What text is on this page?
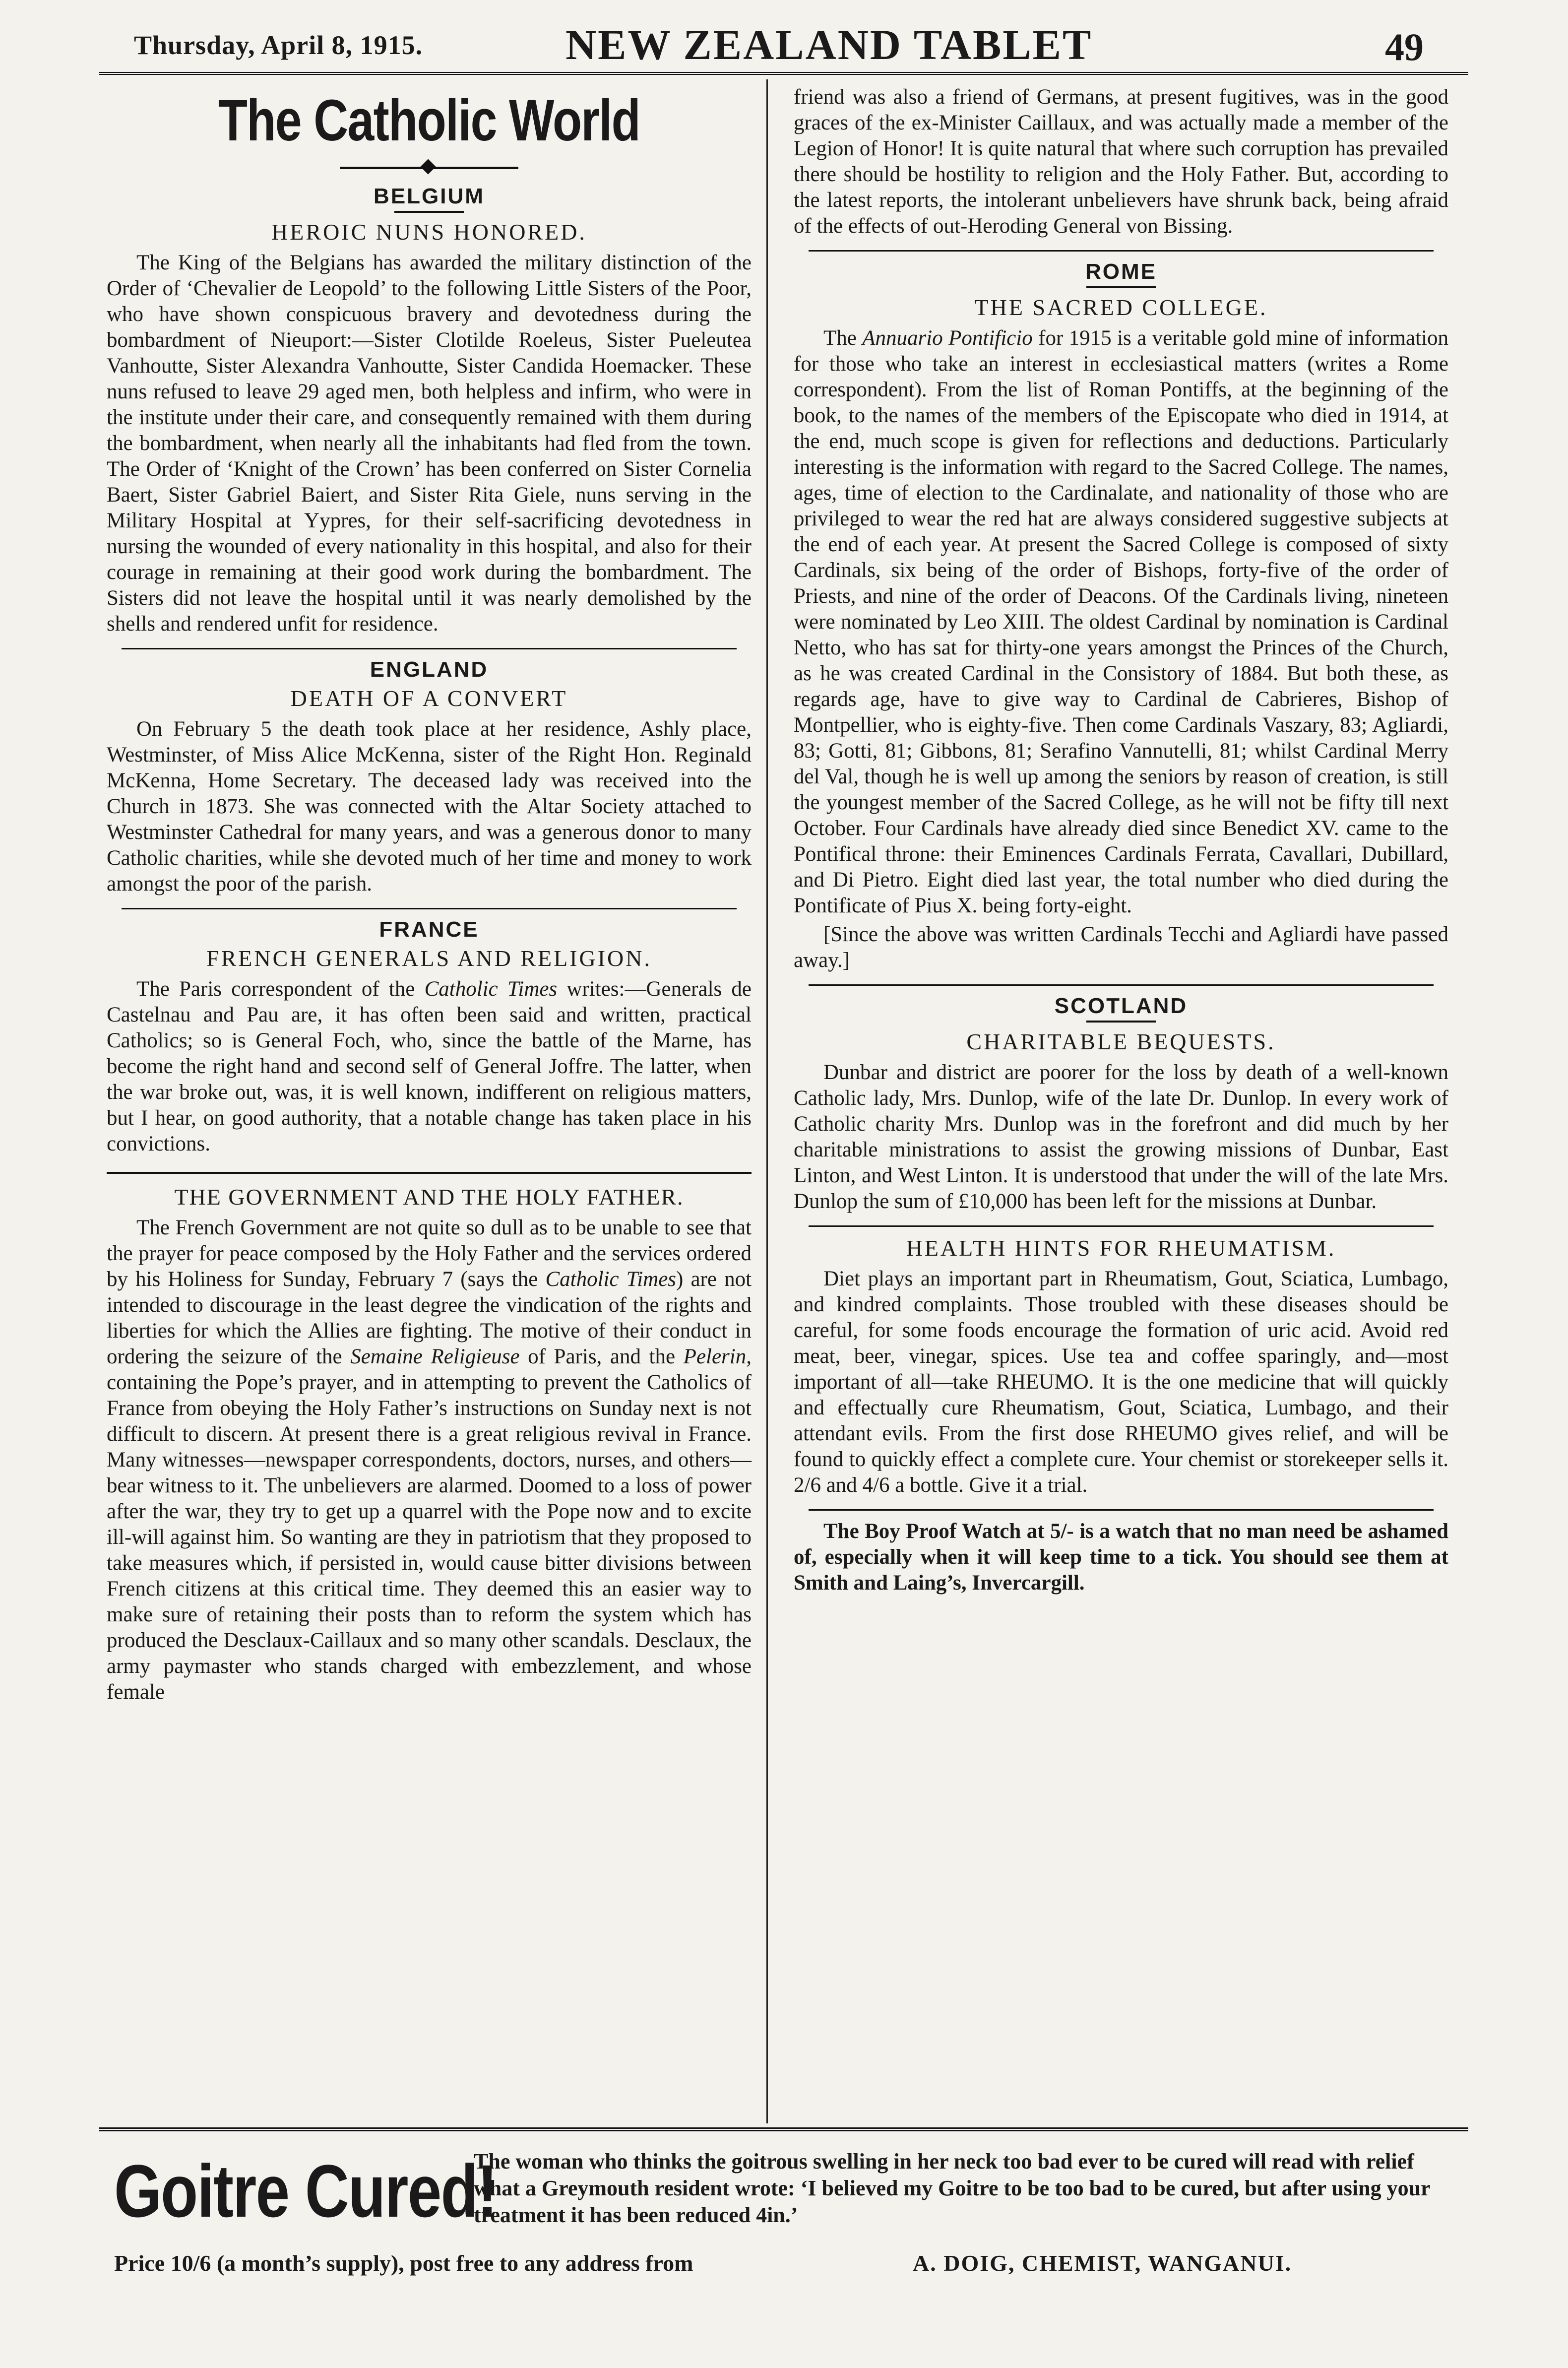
Thursday, April 8, 1915.	NEW ZEALAND TABLET	49
The Catholic World
BELGIUM
HEROIC NUNS HONORED.

The King of the Belgians has awarded the military distinction of the Order of ‘Chevalier de Leopold’ to the following Little Sisters of the Poor, who have shown conspicuous bravery and devotedness during the bombardment of Nieuport:—Sister Clotilde Roeleus, Sister Pueleutea Vanhoutte, Sister Alexandra Vanhoutte, Sister Candida Hoemacker. These nuns refused to leave 29 aged men, both helpless and infirm, who were in the institute under their care, and consequently remained with them during the bombardment, when nearly all the inhabitants had fled from the town. The Order of ‘Knight of the Crown’ has been conferred on Sister Cornelia Baert, Sister Gabriel Baiert, and Sister Rita Giele, nuns serving in the Military Hospital at Yypres, for their self-sacrificing devotedness in nursing the wounded of every nationality in this hospital, and also for their courage in remaining at their good work during the bombardment. The Sisters did not leave the hospital until it was nearly demolished by the shells and rendered unfit for residence.

ENGLAND
DEATH OF A CONVERT

On February 5 the death took place at her residence, Ashly place, Westminster, of Miss Alice McKenna, sister of the Right Hon. Reginald McKenna, Home Secretary. The deceased lady was received into the Church in 1873. She was connected with the Altar Society attached to Westminster Cathedral for many years, and was a generous donor to many Catholic charities, while she devoted much of her time and money to work amongst the poor of the parish.

FRANCE
FRENCH GENERALS AND RELIGION.

The Paris correspondent of the Catholic Times writes:—Generals de Castelnau and Pau are, it has often been said and written, practical Catholics; so is General Foch, who, since the battle of the Marne, has become the right hand and second self of General Joffre. The latter, when the war broke out, was, it is well known, indifferent on religious matters, but I hear, on good authority, that a notable change has taken place in his convictions.

THE GOVERNMENT AND THE HOLY FATHER.

The French Government are not quite so dull as to be unable to see that the prayer for peace composed by the Holy Father and the services ordered by his Holiness for Sunday, February 7 (says the Catholic Times) are not intended to discourage in the least degree the vindication of the rights and liberties for which the Allies are fighting. The motive of their conduct in ordering the seizure of the Semaine Religieuse of Paris, and the Pelerin, containing the Pope’s prayer, and in attempting to prevent the Catholics of France from obeying the Holy Father’s instructions on Sunday next is not difficult to discern. At present there is a great religious revival in France. Many witnesses—newspaper correspondents, doctors, nurses, and others—bear witness to it. The unbelievers are alarmed. Doomed to a loss of power after the war, they try to get up a quarrel with the Pope now and to excite ill-will against him. So wanting are they in patriotism that they proposed to take measures which, if persisted in, would cause bitter divisions between French citizens at this critical time. They deemed this an easier way to make sure of retaining their posts than to reform the system which has produced the Desclaux-Caillaux and so many other scandals. Desclaux, the army paymaster who stands charged with embezzlement, and whose female

friend was also a friend of Germans, at present fugitives, was in the good graces of the ex-Minister Caillaux, and was actually made a member of the Legion of Honor! It is quite natural that where such corruption has prevailed there should be hostility to religion and the Holy Father. But, according to the latest reports, the intolerant unbelievers have shrunk back, being afraid of the effects of out-Heroding General von Bissing.

ROME
THE SACRED COLLEGE.

The Annuario Pontificio for 1915 is a veritable gold mine of information for those who take an interest in ecclesiastical matters (writes a Rome correspondent). From the list of Roman Pontiffs, at the beginning of the book, to the names of the members of the Episcopate who died in 1914, at the end, much scope is given for reflections and deductions. Particularly interesting is the information with regard to the Sacred College. The names, ages, time of election to the Cardinalate, and nationality of those who are privileged to wear the red hat are always considered suggestive subjects at the end of each year. At present the Sacred College is composed of sixty Cardinals, six being of the order of Bishops, forty-five of the order of Priests, and nine of the order of Deacons. Of the Cardinals living, nineteen were nominated by Leo XIII. The oldest Cardinal by nomination is Cardinal Netto, who has sat for thirty-one years amongst the Princes of the Church, as he was created Cardinal in the Consistory of 1884. But both these, as regards age, have to give way to Cardinal de Cabrieres, Bishop of Montpellier, who is eighty-five. Then come Cardinals Vaszary, 83; Agliardi, 83; Gotti, 81; Gibbons, 81; Serafino Vannutelli, 81; whilst Cardinal Merry del Val, though he is well up among the seniors by reason of creation, is still the youngest member of the Sacred College, as he will not be fifty till next October. Four Cardinals have already died since Benedict XV. came to the Pontifical throne: their Eminences Cardinals Ferrata, Cavallari, Dubillard, and Di Pietro. Eight died last year, the total number who died during the Pontificate of Pius X. being forty-eight.

[Since the above was written Cardinals Tecchi and Agliardi have passed away.]

SCOTLAND
CHARITABLE BEQUESTS.

Dunbar and district are poorer for the loss by death of a well-known Catholic lady, Mrs. Dunlop, wife of the late Dr. Dunlop. In every work of Catholic charity Mrs. Dunlop was in the forefront and did much by her charitable ministrations to assist the growing missions of Dunbar, East Linton, and West Linton. It is understood that under the will of the late Mrs. Dunlop the sum of £10,000 has been left for the missions at Dunbar.

HEALTH HINTS FOR RHEUMATISM.

Diet plays an important part in Rheumatism, Gout, Sciatica, Lumbago, and kindred complaints. Those troubled with these diseases should be careful, for some foods encourage the formation of uric acid. Avoid red meat, beer, vinegar, spices. Use tea and coffee sparingly, and—most important of all—take RHEUMO. It is the one medicine that will quickly and effectually cure Rheumatism, Gout, Sciatica, Lumbago, and their attendant evils. From the first dose RHEUMO gives relief, and will be found to quickly effect a complete cure. Your chemist or storekeeper sells it. 2/6 and 4/6 a bottle. Give it a trial.

The Boy Proof Watch at 5/- is a watch that no man need be ashamed of, especially when it will keep time to a tick. You should see them at Smith and Laing’s, Invercargill.

Goitre Cured!
The woman who thinks the goitrous swelling in her neck too bad ever to be cured will read with relief what a Greymouth resident wrote: ‘I believed my Goitre to be too bad to be cured, but after using your treatment it has been reduced 4in.’
Price 10/6 (a month’s supply), post free to any address from	A. DOIG, CHEMIST, WANGANUI.
